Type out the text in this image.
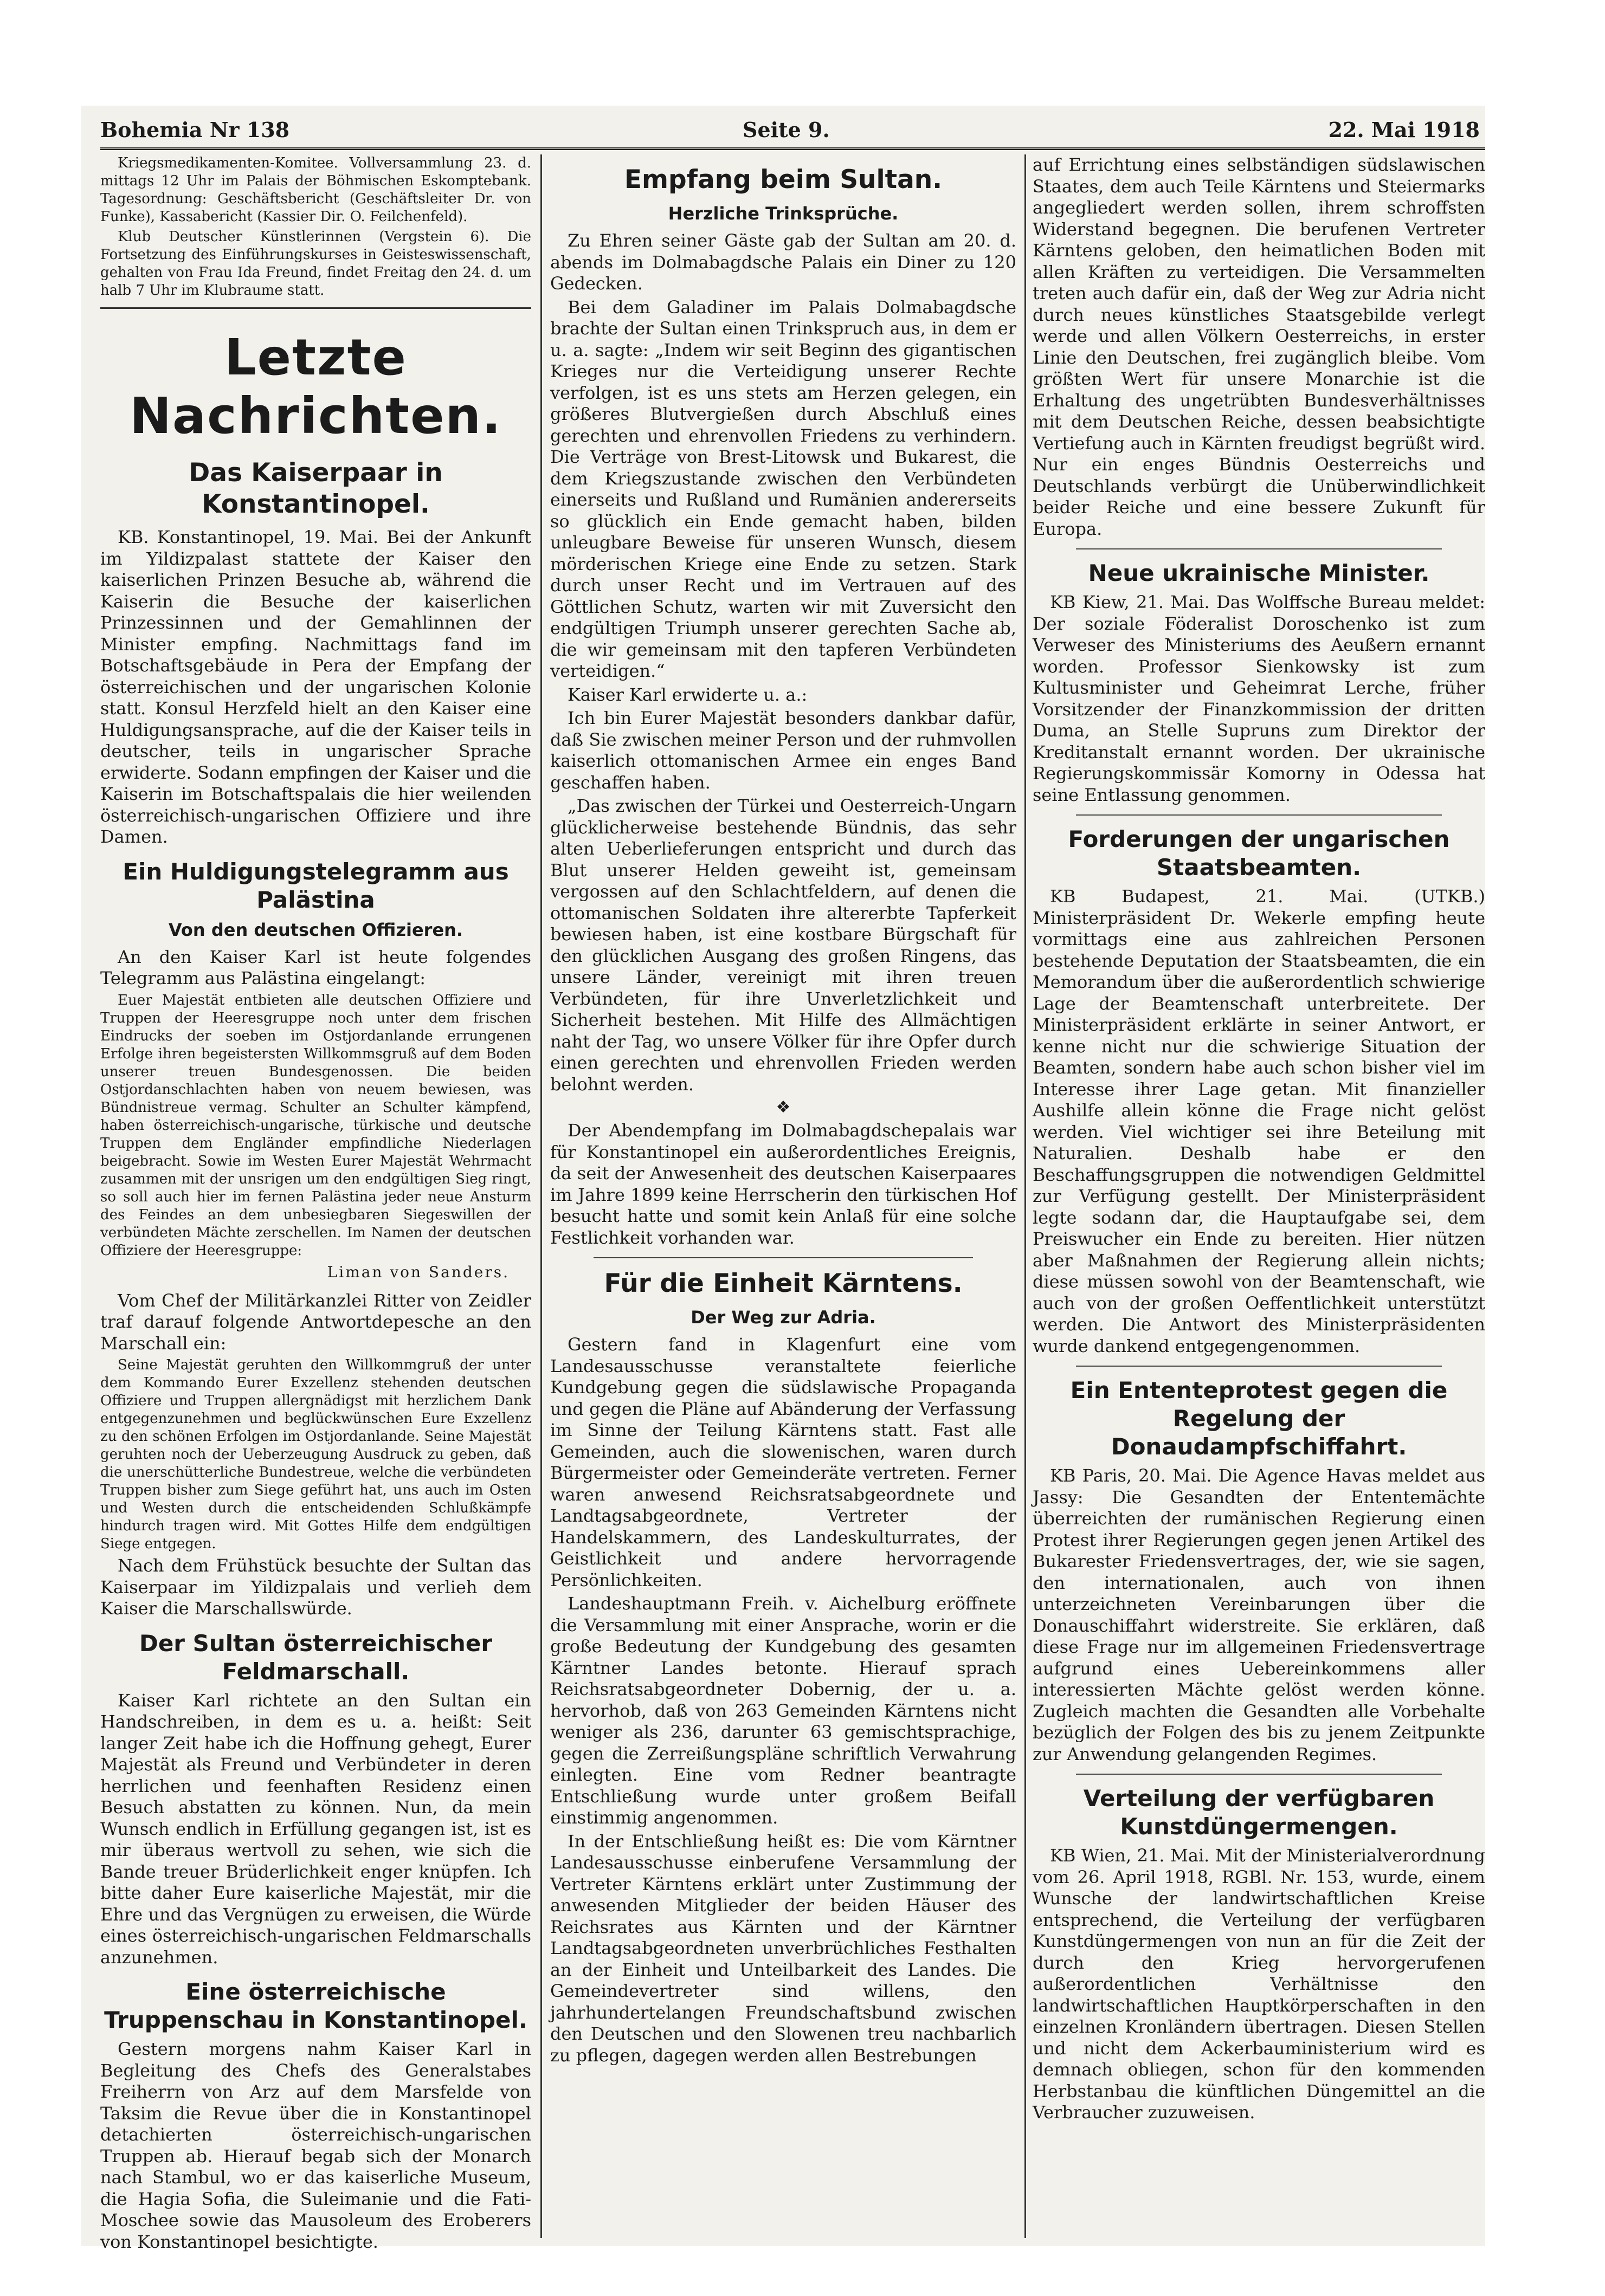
Bohemia Nr 138	Seite 9.	22. Mai 1918

Kriegsmedikamenten-Komitee. Vollversammlung 23. d. mittags 12 Uhr im Palais der Böhmischen Eskomptebank. Tagesordnung: Geschäftsbericht (Geschäftsleiter Dr. von Funke), Kassabericht (Kassier Dir. O. Feilchenfeld).

Klub Deutscher Künstlerinnen (Vergstein 6). Die Fortsetzung des Einführungskurses in Geisteswissenschaft, gehalten von Frau Ida Freund, findet Freitag den 24. d. um halb 7 Uhr im Klubraume statt.

Letzte Nachrichten.
Das Kaiserpaar in Konstantinopel.

KB. Konstantinopel, 19. Mai. Bei der Ankunft im Yildizpalast stattete der Kaiser den kaiserlichen Prinzen Besuche ab, während die Kaiserin die Besuche der kaiserlichen Prinzessinnen und der Gemahlinnen der Minister empfing. Nachmittags fand im Botschaftsgebäude in Pera der Empfang der österreichischen und der ungarischen Kolonie statt. Konsul Herzfeld hielt an den Kaiser eine Huldigungsansprache, auf die der Kaiser teils in deutscher, teils in ungarischer Sprache erwiderte. Sodann empfingen der Kaiser und die Kaiserin im Botschaftspalais die hier weilenden österreichisch-ungarischen Offiziere und ihre Damen.

Ein Huldigungstelegramm aus Palästina
Von den deutschen Offizieren.

An den Kaiser Karl ist heute folgendes Telegramm aus Palästina eingelangt:

Euer Majestät entbieten alle deutschen Offiziere und Truppen der Heeresgruppe noch unter dem frischen Eindrucks der soeben im Ostjordanlande errungenen Erfolge ihren begeistersten Willkommsgruß auf dem Boden unserer treuen Bundesgenossen. Die beiden Ostjordanschlachten haben von neuem bewiesen, was Bündnistreue vermag. Schulter an Schulter kämpfend, haben österreichisch-ungarische, türkische und deutsche Truppen dem Engländer empfindliche Niederlagen beigebracht. Sowie im Westen Eurer Majestät Wehrmacht zusammen mit der unsrigen um den endgültigen Sieg ringt, so soll auch hier im fernen Palästina jeder neue Ansturm des Feindes an dem unbesiegbaren Siegeswillen der verbündeten Mächte zerschellen. Im Namen der deutschen Offiziere der Heeresgruppe:

Liman von Sanders.

Vom Chef der Militärkanzlei Ritter von Zeidler traf darauf folgende Antwortdepesche an den Marschall ein:

Seine Majestät geruhten den Willkommgruß der unter dem Kommando Eurer Exzellenz stehenden deutschen Offiziere und Truppen allergnädigst mit herzlichem Dank entgegenzunehmen und beglückwünschen Eure Exzellenz zu den schönen Erfolgen im Ostjordanlande. Seine Majestät geruhten noch der Ueberzeugung Ausdruck zu geben, daß die unerschütterliche Bundestreue, welche die verbündeten Truppen bisher zum Siege geführt hat, uns auch im Osten und Westen durch die entscheidenden Schlußkämpfe hindurch tragen wird. Mit Gottes Hilfe dem endgültigen Siege entgegen.

Nach dem Frühstück besuchte der Sultan das Kaiserpaar im Yildizpalais und verlieh dem Kaiser die Marschallswürde.

Der Sultan österreichischer Feldmarschall.

Kaiser Karl richtete an den Sultan ein Handschreiben, in dem es u. a. heißt: Seit langer Zeit habe ich die Hoffnung gehegt, Eurer Majestät als Freund und Verbündeter in deren herrlichen und feenhaften Residenz einen Besuch abstatten zu können. Nun, da mein Wunsch endlich in Erfüllung gegangen ist, ist es mir überaus wertvoll zu sehen, wie sich die Bande treuer Brüderlichkeit enger knüpfen. Ich bitte daher Eure kaiserliche Majestät, mir die Ehre und das Vergnügen zu erweisen, die Würde eines österreichisch-ungarischen Feldmarschalls anzunehmen.

Eine österreichische Truppenschau in Konstantinopel.

Gestern morgens nahm Kaiser Karl in Begleitung des Chefs des Generalstabes Freiherrn von Arz auf dem Marsfelde von Taksim die Revue über die in Konstantinopel detachierten österreichisch-ungarischen Truppen ab. Hierauf begab sich der Monarch nach Stambul, wo er das kaiserliche Museum, die Hagia Sofia, die Suleimanie und die Fati-Moschee sowie das Mausoleum des Eroberers von Konstantinopel besichtigte.

Empfang beim Sultan.
Herzliche Trinksprüche.

Zu Ehren seiner Gäste gab der Sultan am 20. d. abends im Dolmabagdsche Palais ein Diner zu 120 Gedecken.

Bei dem Galadiner im Palais Dolmabagdsche brachte der Sultan einen Trinkspruch aus, in dem er u. a. sagte: „Indem wir seit Beginn des gigantischen Krieges nur die Verteidigung unserer Rechte verfolgen, ist es uns stets am Herzen gelegen, ein größeres Blutvergießen durch Abschluß eines gerechten und ehrenvollen Friedens zu verhindern. Die Verträge von Brest-Litowsk und Bukarest, die dem Kriegszustande zwischen den Verbündeten einerseits und Rußland und Rumänien andererseits so glücklich ein Ende gemacht haben, bilden unleugbare Beweise für unseren Wunsch, diesem mörderischen Kriege eine Ende zu setzen. Stark durch unser Recht und im Vertrauen auf des Göttlichen Schutz, warten wir mit Zuversicht den endgültigen Triumph unserer gerechten Sache ab, die wir gemeinsam mit den tapferen Verbündeten verteidigen.“

Kaiser Karl erwiderte u. a.:

Ich bin Eurer Majestät besonders dankbar dafür, daß Sie zwischen meiner Person und der ruhmvollen kaiserlich ottomanischen Armee ein enges Band geschaffen haben.

„Das zwischen der Türkei und Oesterreich-Ungarn glücklicherweise bestehende Bündnis, das sehr alten Ueberlieferungen entspricht und durch das Blut unserer Helden geweiht ist, gemeinsam vergossen auf den Schlachtfeldern, auf denen die ottomanischen Soldaten ihre altererbte Tapferkeit bewiesen haben, ist eine kostbare Bürgschaft für den glücklichen Ausgang des großen Ringens, das unsere Länder, vereinigt mit ihren treuen Verbündeten, für ihre Unverletzlichkeit und Sicherheit bestehen. Mit Hilfe des Allmächtigen naht der Tag, wo unsere Völker für ihre Opfer durch einen gerechten und ehrenvollen Frieden werden belohnt werden.

❖

Der Abendempfang im Dolmabagdschepalais war für Konstantinopel ein außerordentliches Ereignis, da seit der Anwesenheit des deutschen Kaiserpaares im Jahre 1899 keine Herrscherin den türkischen Hof besucht hatte und somit kein Anlaß für eine solche Festlichkeit vorhanden war.

Für die Einheit Kärntens.
Der Weg zur Adria.

Gestern fand in Klagenfurt eine vom Landesausschusse veranstaltete feierliche Kundgebung gegen die südslawische Propaganda und gegen die Pläne auf Abänderung der Verfassung im Sinne der Teilung Kärntens statt. Fast alle Gemeinden, auch die slowenischen, waren durch Bürgermeister oder Gemeinderäte vertreten. Ferner waren anwesend Reichsratsabgeordnete und Landtagsabgeordnete, Vertreter der Handelskammern, des Landeskulturrates, der Geistlichkeit und andere hervorragende Persönlichkeiten.

Landeshauptmann Freih. v. Aichelburg eröffnete die Versammlung mit einer Ansprache, worin er die große Bedeutung der Kundgebung des gesamten Kärntner Landes betonte. Hierauf sprach Reichsratsabgeordneter Dobernig, der u. a. hervorhob, daß von 263 Gemeinden Kärntens nicht weniger als 236, darunter 63 gemischtsprachige, gegen die Zerreißungspläne schriftlich Verwahrung einlegten. Eine vom Redner beantragte Entschließung wurde unter großem Beifall einstimmig angenommen.

In der Entschließung heißt es: Die vom Kärntner Landesausschusse einberufene Versammlung der Vertreter Kärntens erklärt unter Zustimmung der anwesenden Mitglieder der beiden Häuser des Reichsrates aus Kärnten und der Kärntner Landtagsabgeordneten unverbrüchliches Festhalten an der Einheit und Unteilbarkeit des Landes. Die Gemeindevertreter sind willens, den jahrhundertelangen Freundschaftsbund zwischen den Deutschen und den Slowenen treu nachbarlich zu pflegen, dagegen werden allen Bestrebungen

auf Errichtung eines selbständigen südslawischen Staates, dem auch Teile Kärntens und Steiermarks angegliedert werden sollen, ihrem schroffsten Widerstand begegnen. Die berufenen Vertreter Kärntens geloben, den heimatlichen Boden mit allen Kräften zu verteidigen. Die Versammelten treten auch dafür ein, daß der Weg zur Adria nicht durch neues künstliches Staatsgebilde verlegt werde und allen Völkern Oesterreichs, in erster Linie den Deutschen, frei zugänglich bleibe. Vom größten Wert für unsere Monarchie ist die Erhaltung des ungetrübten Bundesverhältnisses mit dem Deutschen Reiche, dessen beabsichtigte Vertiefung auch in Kärnten freudigst begrüßt wird. Nur ein enges Bündnis Oesterreichs und Deutschlands verbürgt die Unüberwindlichkeit beider Reiche und eine bessere Zukunft für Europa.

Neue ukrainische Minister.

KB Kiew, 21. Mai. Das Wolffsche Bureau meldet: Der soziale Föderalist Doroschenko ist zum Verweser des Ministeriums des Aeußern ernannt worden. Professor Sienkowsky ist zum Kultusminister und Geheimrat Lerche, früher Vorsitzender der Finanzkommission der dritten Duma, an Stelle Supruns zum Direktor der Kreditanstalt ernannt worden. Der ukrainische Regierungskommissär Komorny in Odessa hat seine Entlassung genommen.

Forderungen der ungarischen Staatsbeamten.

KB Budapest, 21. Mai. (UTKB.) Ministerpräsident Dr. Wekerle empfing heute vormittags eine aus zahlreichen Personen bestehende Deputation der Staatsbeamten, die ein Memorandum über die außerordentlich schwierige Lage der Beamtenschaft unterbreitete. Der Ministerpräsident erklärte in seiner Antwort, er kenne nicht nur die schwierige Situation der Beamten, sondern habe auch schon bisher viel im Interesse ihrer Lage getan. Mit finanzieller Aushilfe allein könne die Frage nicht gelöst werden. Viel wichtiger sei ihre Beteilung mit Naturalien. Deshalb habe er den Beschaffungsgruppen die notwendigen Geldmittel zur Verfügung gestellt. Der Ministerpräsident legte sodann dar, die Hauptaufgabe sei, dem Preiswucher ein Ende zu bereiten. Hier nützen aber Maßnahmen der Regierung allein nichts; diese müssen sowohl von der Beamtenschaft, wie auch von der großen Oeffentlichkeit unterstützt werden. Die Antwort des Ministerpräsidenten wurde dankend entgegengenommen.

Ein Ententeprotest gegen die Regelung der Donaudampfschiffahrt.

KB Paris, 20. Mai. Die Agence Havas meldet aus Jassy: Die Gesandten der Ententemächte überreichten der rumänischen Regierung einen Protest ihrer Regierungen gegen jenen Artikel des Bukarester Friedensvertrages, der, wie sie sagen, den internationalen, auch von ihnen unterzeichneten Vereinbarungen über die Donauschiffahrt widerstreite. Sie erklären, daß diese Frage nur im allgemeinen Friedensvertrage aufgrund eines Uebereinkommens aller interessierten Mächte gelöst werden könne. Zugleich machten die Gesandten alle Vorbehalte bezüglich der Folgen des bis zu jenem Zeitpunkte zur Anwendung gelangenden Regimes.

Verteilung der verfügbaren Kunstdüngermengen.

KB Wien, 21. Mai. Mit der Ministerialverordnung vom 26. April 1918, RGBl. Nr. 153, wurde, einem Wunsche der landwirtschaftlichen Kreise entsprechend, die Verteilung der verfügbaren Kunstdüngermengen von nun an für die Zeit der durch den Krieg hervorgerufenen außerordentlichen Verhältnisse den landwirtschaftlichen Hauptkörperschaften in den einzelnen Kronländern übertragen. Diesen Stellen und nicht dem Ackerbauministerium wird es demnach obliegen, schon für den kommenden Herbstanbau die künftlichen Düngemittel an die Verbraucher zuzuweisen.
